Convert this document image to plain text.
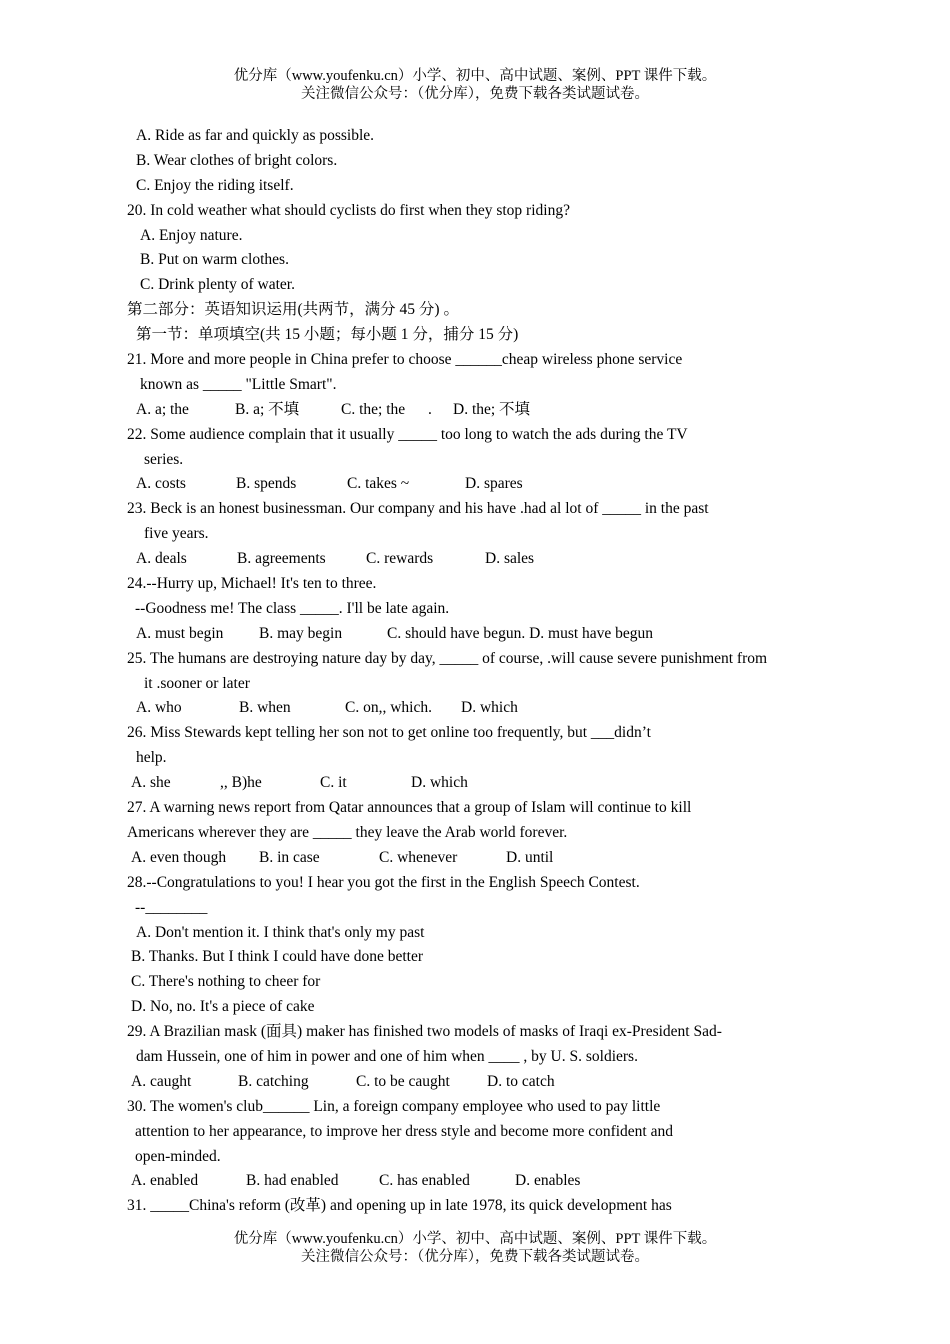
优分库（www.youfenku.cn）小学、初中、高中试题、案例、PPT 课件下载。
关注微信公众号：（优分库），免费下载各类试题试卷。
A. Ride as far and quickly as possible.
B. Wear clothes of bright colors.
C. Enjoy the riding itself.
20. In cold weather what should cyclists do first when they stop riding?
A. Enjoy nature.
B. Put on warm clothes.
C. Drink plenty of water.
第二部分：英语知识运用(共两节，满分 45 分) 。
第一节：单项填空(共 15 小题；每小题 1 分，捕分 15 分)
21. More and more people in China prefer to choose ______cheap wireless phone service
known as _____ "Little Smart".
A. a; the	B. a; 不填	C. the; the . D. the; 不填
22. Some audience complain that it usually _____ too long to watch the ads during the TV
series.
A. costs	B. spends	C. takes ~	D. spares
23. Beck is an honest businessman. Our company and his have .had al lot of _____ in the past
five years.
A. deals	B. agreements	C. rewards	D. sales
24.--Hurry up, Michael! It's ten to three.
--Goodness me! The class _____. I'll be late again.
A. must begin B. may begin	C. should have begun. D. must have begun
25. The humans are destroying nature day by day, _____ of course, .will cause severe punishment from
it .sooner or later
A. who	B. when	C. on,, which. D. which
26. Miss Stewards kept telling her son not to get online too frequently, but ___didn’t
help.
A. she	,, B)he	C. it	D. which
27. A warning news report from Qatar announces that a group of Islam will continue to kill
Americans wherever they are _____ they leave the Arab world forever.
A. even though B. in case	C. whenever	D. until
28.--Congratulations to you! I hear you got the first in the English Speech Contest.
--________
A. Don't mention it. I think that's only my past
B. Thanks. But I think I could have done better
C. There's nothing to cheer for
D. No, no. It's a piece of cake
29. A Brazilian mask (面具) maker has finished two models of masks of Iraqi ex-President Sad-
dam Hussein, one of him in power and one of him when ____ , by U. S. soldiers.
A. caught	B. catching	C. to be caught D. to catch
30. The women's club______ Lin, a foreign company employee who used to pay little
attention to her appearance, to improve her dress style and become more confident and
open-minded.
A. enabled	B. had enabled	C. has enabled	D. enables
31. _____China's reform (改革) and opening up in late 1978, its quick development has
优分库（www.youfenku.cn）小学、初中、高中试题、案例、PPT 课件下载。
关注微信公众号：（优分库），免费下载各类试题试卷。
